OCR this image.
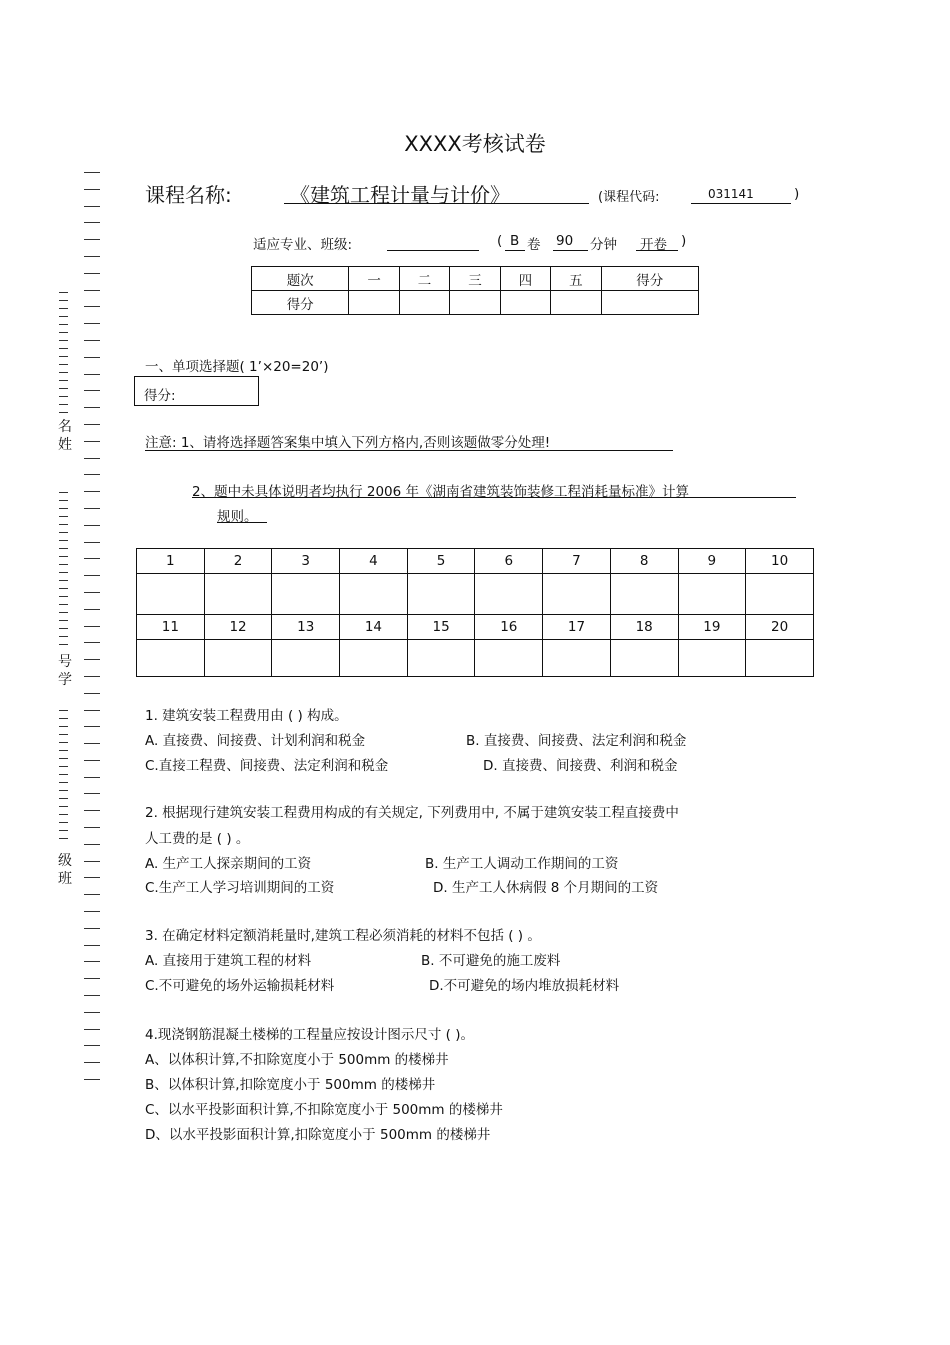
名
姓
号
学
级
班
XXXX考核试卷
课程名称:	《建筑工程计量与计价》	(课程代码:	031141	)
适应专业、班级:	( B 卷 90 分钟 开卷 )
题次	一	二	三	四	五	得分
得分						
一、单项选择题( 1’×20=20’)
得分:
注意: 1、请将选择题答案集中填入下列方格内,否则该题做零分处理!
2、题中未具体说明者均执行 2006 年《湖南省建筑装饰装修工程消耗量标准》计算
规则。
1	2	3	4	5	6	7	8	9	10

11	12	13	14	15	16	17	18	19	20

1. 建筑安装工程费用由 ( ) 构成。
A. 直接费、间接费、计划利润和税金	B. 直接费、间接费、法定利润和税金
C.直接工程费、间接费、法定利润和税金	D. 直接费、间接费、利润和税金
2. 根据现行建筑安装工程费用构成的有关规定, 下列费用中, 不属于建筑安装工程直接费中
人工费的是 ( ) 。
A. 生产工人探亲期间的工资	B. 生产工人调动工作期间的工资
C.生产工人学习培训期间的工资	D. 生产工人休病假 8 个月期间的工资
3. 在确定材料定额消耗量时,建筑工程必须消耗的材料不包括 ( ) 。
A. 直接用于建筑工程的材料	B. 不可避免的施工废料
C.不可避免的场外运输损耗材料	D.不可避免的场内堆放损耗材料
4.现浇钢筋混凝土楼梯的工程量应按设计图示尺寸 ( )。
A、以体积计算,不扣除宽度小于 500mm 的楼梯井
B、以体积计算,扣除宽度小于 500mm 的楼梯井
C、以水平投影面积计算,不扣除宽度小于 500mm 的楼梯井
D、以水平投影面积计算,扣除宽度小于 500mm 的楼梯井
